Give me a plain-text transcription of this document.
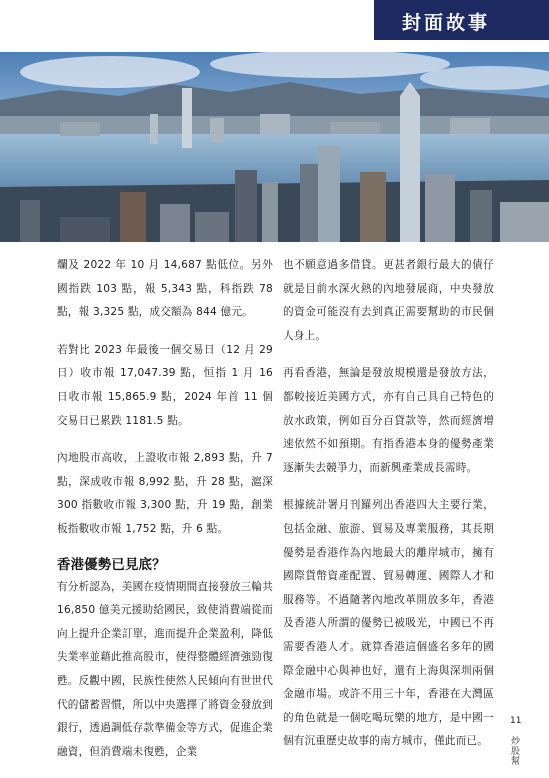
封面故事

爛及 2022 年 10 月 14,687 點低位。另外國指跌 103 點，報 5,343 點，科指跌 78 點，報 3,325 點，成交額為 844 億元。

若對比 2023 年最後一個交易日（12 月 29 日）收市報 17,047.39 點，恒指 1 月 16 日收市報 15,865.9 點，2024 年首 11 個交易日已累跌 1181.5 點。

內地股市高收，上證收市報 2,893 點，升 7 點，深成收市報 8,992 點，升 28 點，滬深 300 指數收市報 3,300 點，升 19 點，創業板指數收市報 1,752 點，升 6 點。

香港優勢已見底？

有分析認為，美國在疫情期間直接發放三輪共 16,850 億美元援助給國民，致使消費端從而向上提升企業訂單，進而提升企業盈利，降低失業率並藉此推高股市，使得整體經濟強勁復甦。反觀中國，民族性使然人民傾向有世世代代的儲蓄習慣，所以中央選擇了將資金發放到銀行，透過調低存款準備金等方式，促進企業融資，但消費端未復甦，企業

也不願意過多借貸。更甚者銀行最大的債仔就是目前水深火熱的內地發展商，中央發放的資金可能沒有去到真正需要幫助的市民個人身上。

再看香港，無論是發放規模還是發放方法，都較接近美國方式，亦有自己具自己特色的放水政策，例如百分百貸款等，然而經濟增速依然不如預期。有指香港本身的優勢產業逐漸失去競爭力，而新興產業成長需時。

根據統計署月刊羅列出香港四大主要行業，包括金融、旅游、貿易及專業服務，其長期優勢是香港作為內地最大的離岸城市，擁有國際貨幣資產配置、貿易轉運、國際人才和服務等。不過隨著內地改革開放多年，香港及香港人所謂的優勢已被吸光，中國已不再需要香港人才。就算香港這個盛名多年的國際金融中心與神也好，還有上海與深圳兩個金融市場。或許不用三十年，香港在大灣區的角色就是一個吃喝玩樂的地方，是中國一個有沉重歷史故事的南方城市，僅此而已。

11
炒股幫
